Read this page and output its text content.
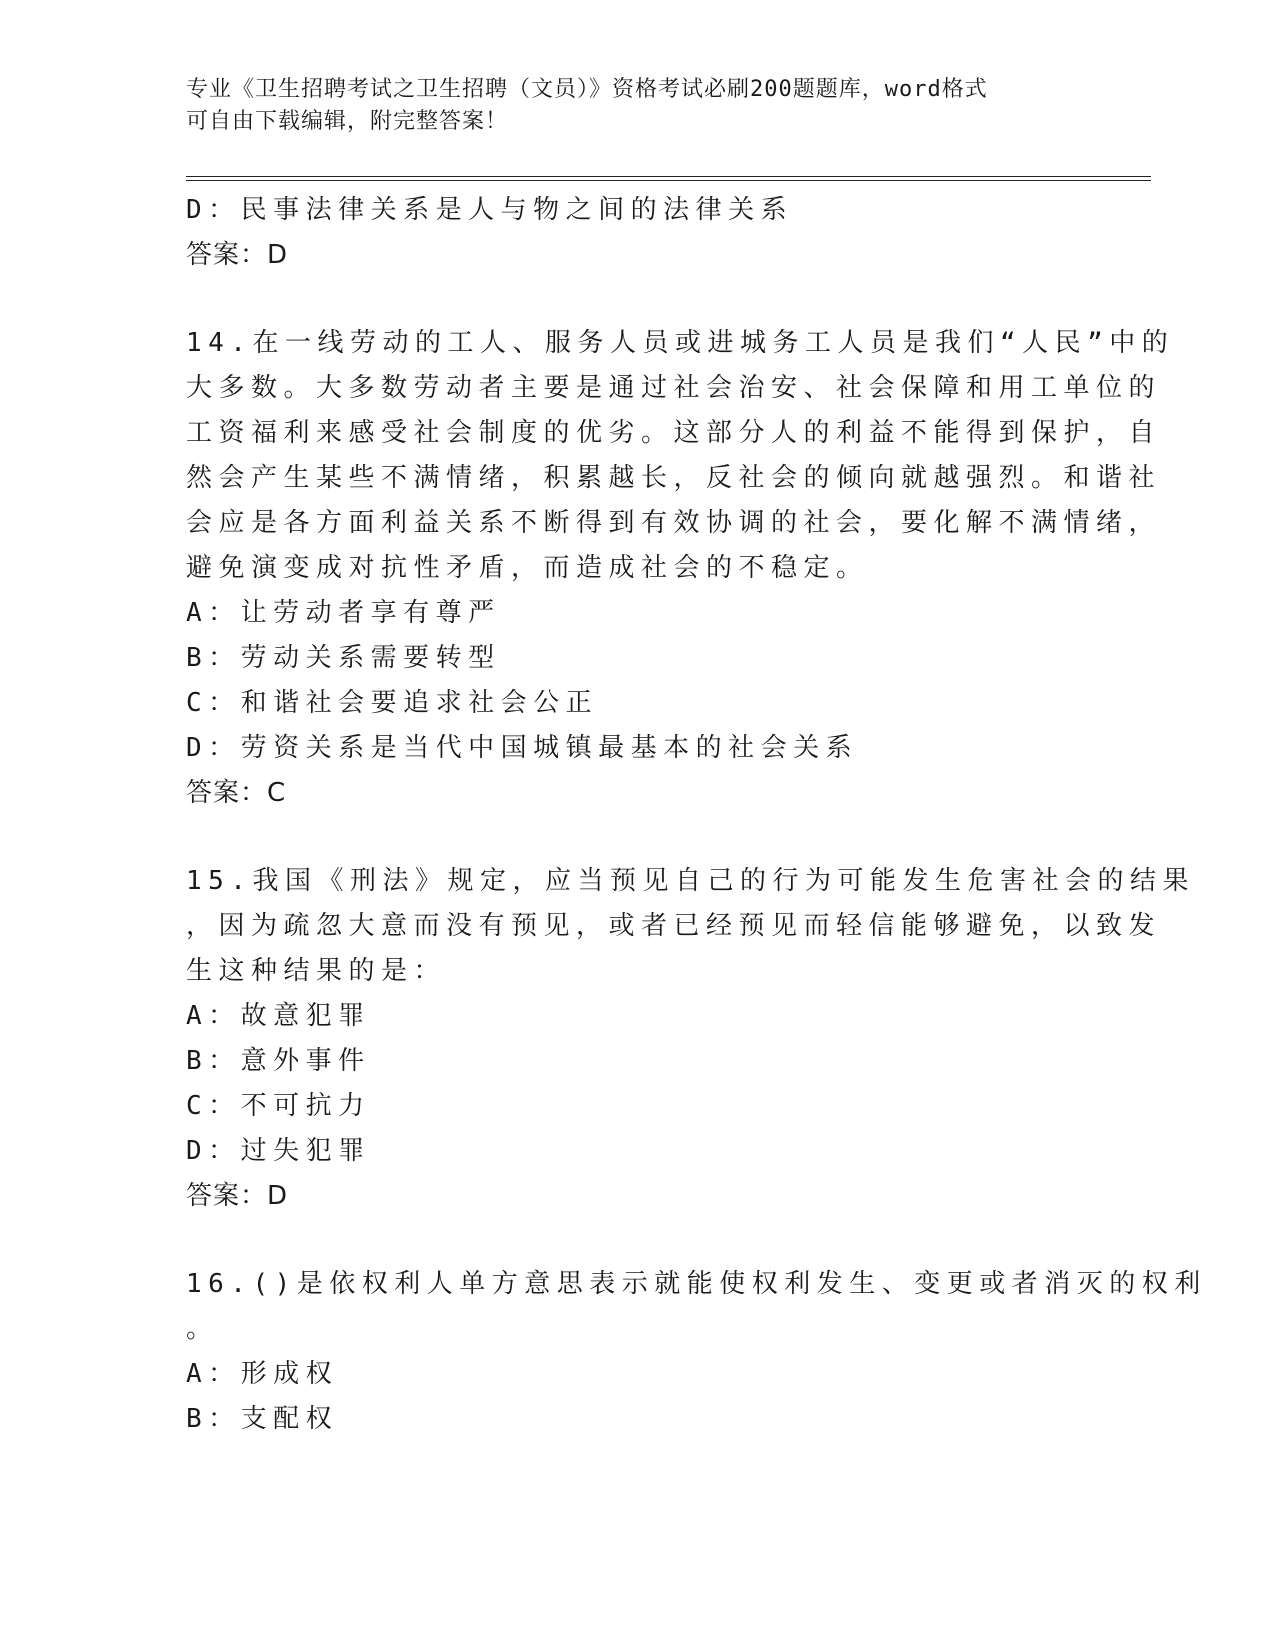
专业《卫生招聘考试之卫生招聘（文员）》资格考试必刷200题题库，word格式
可自由下载编辑，附完整答案！
D：民事法律关系是人与物之间的法律关系
答案：D
14.在一线劳动的工人、服务人员或进城务工人员是我们“人民”中的
大多数。大多数劳动者主要是通过社会治安、社会保障和用工单位的
工资福利来感受社会制度的优劣。这部分人的利益不能得到保护，自
然会产生某些不满情绪，积累越长，反社会的倾向就越强烈。和谐社
会应是各方面利益关系不断得到有效协调的社会，要化解不满情绪，
避免演变成对抗性矛盾，而造成社会的不稳定。
A：让劳动者享有尊严
B：劳动关系需要转型
C：和谐社会要追求社会公正
D：劳资关系是当代中国城镇最基本的社会关系
答案：C
15.我国《刑法》规定，应当预见自己的行为可能发生危害社会的结果
，因为疏忽大意而没有预见，或者已经预见而轻信能够避免，以致发
生这种结果的是：
A：故意犯罪
B：意外事件
C：不可抗力
D：过失犯罪
答案：D
16.()是依权利人单方意思表示就能使权利发生、变更或者消灭的权利
。
A：形成权
B：支配权
